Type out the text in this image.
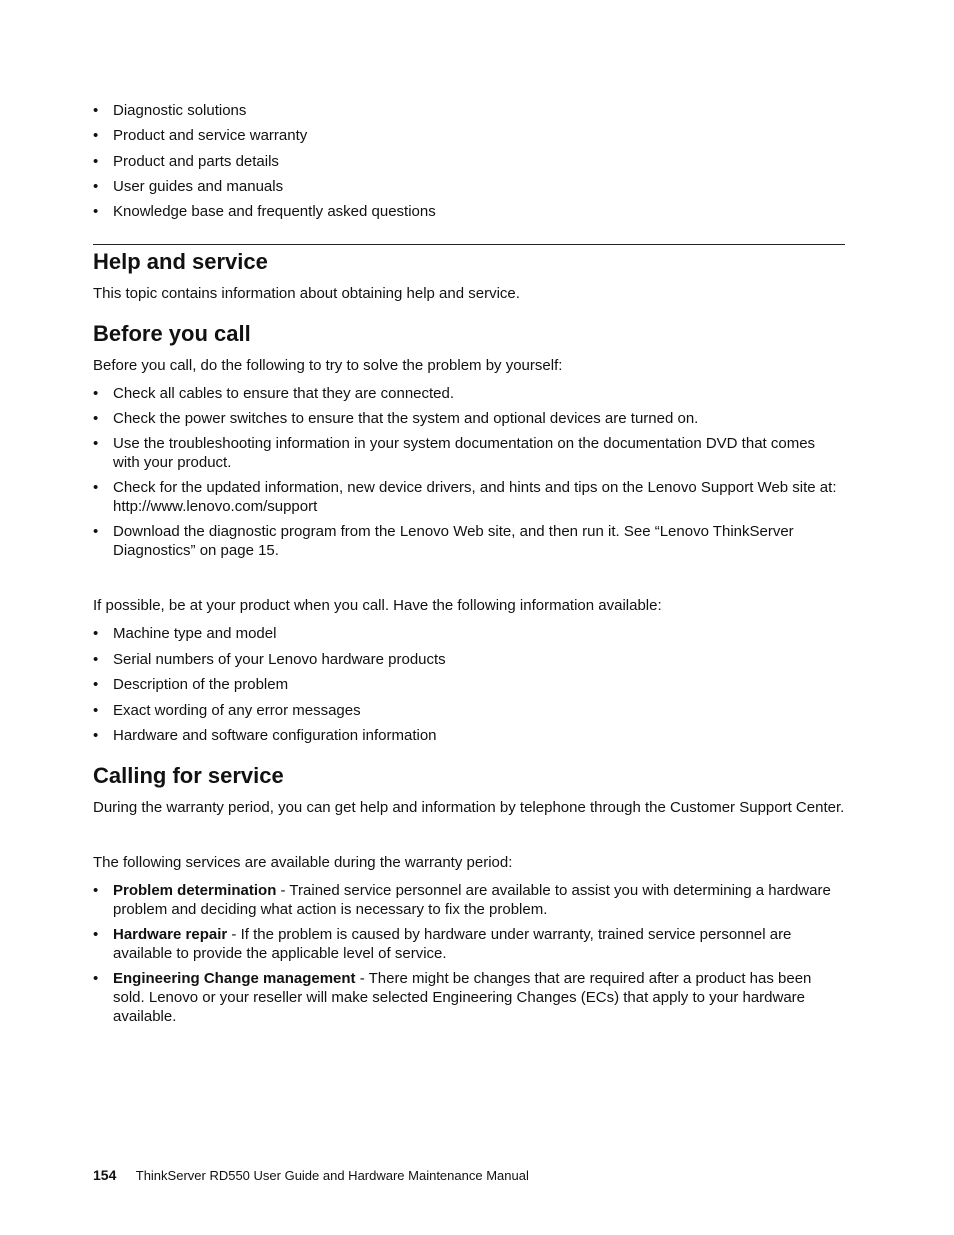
• Diagnostic solutions
• Product and service warranty
• Product and parts details
• User guides and manuals
• Knowledge base and frequently asked questions
Help and service

This topic contains information about obtaining help and service.

Before you call

Before you call, do the following to try to solve the problem by yourself:

• Check all cables to ensure that they are connected.
• Check the power switches to ensure that the system and optional devices are turned on.
• Use the troubleshooting information in your system documentation on the documentation DVD that comes with your product.
• Check for the updated information, new device drivers, and hints and tips on the Lenovo Support Web site at:
http://www.lenovo.com/support
• Download the diagnostic program from the Lenovo Web site, and then run it. See “Lenovo ThinkServer Diagnostics” on page 15.

If possible, be at your product when you call. Have the following information available:

• Machine type and model
• Serial numbers of your Lenovo hardware products
• Description of the problem
• Exact wording of any error messages
• Hardware and software configuration information
Calling for service

During the warranty period, you can get help and information by telephone through the Customer Support Center.

The following services are available during the warranty period:

• Problem determination - Trained service personnel are available to assist you with determining a hardware problem and deciding what action is necessary to fix the problem.
• Hardware repair - If the problem is caused by hardware under warranty, trained service personnel are available to provide the applicable level of service.
• Engineering Change management - There might be changes that are required after a product has been sold. Lenovo or your reseller will make selected Engineering Changes (ECs) that apply to your hardware available.
154 ThinkServer RD550 User Guide and Hardware Maintenance Manual
